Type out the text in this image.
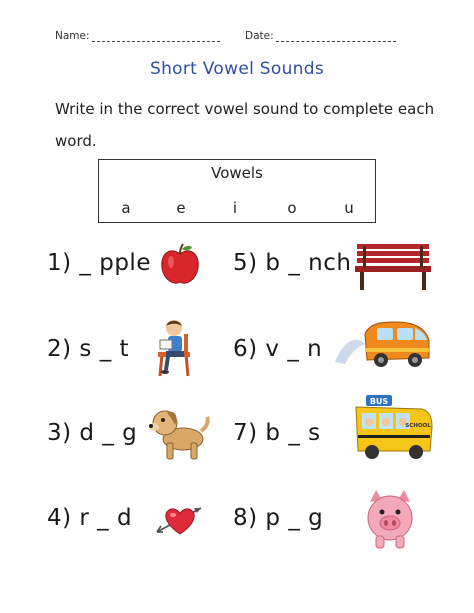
Name:	Date:
Short Vowel Sounds
Write in the correct vowel sound to complete each word.
Vowels
a	e	i	o	u
1) _ pple
2) s _ t
3) d _ g
4) r _ d
5) b _ nch
6) v _ n
7) b _ s
8) p _ g
BUS
SCHOOL
